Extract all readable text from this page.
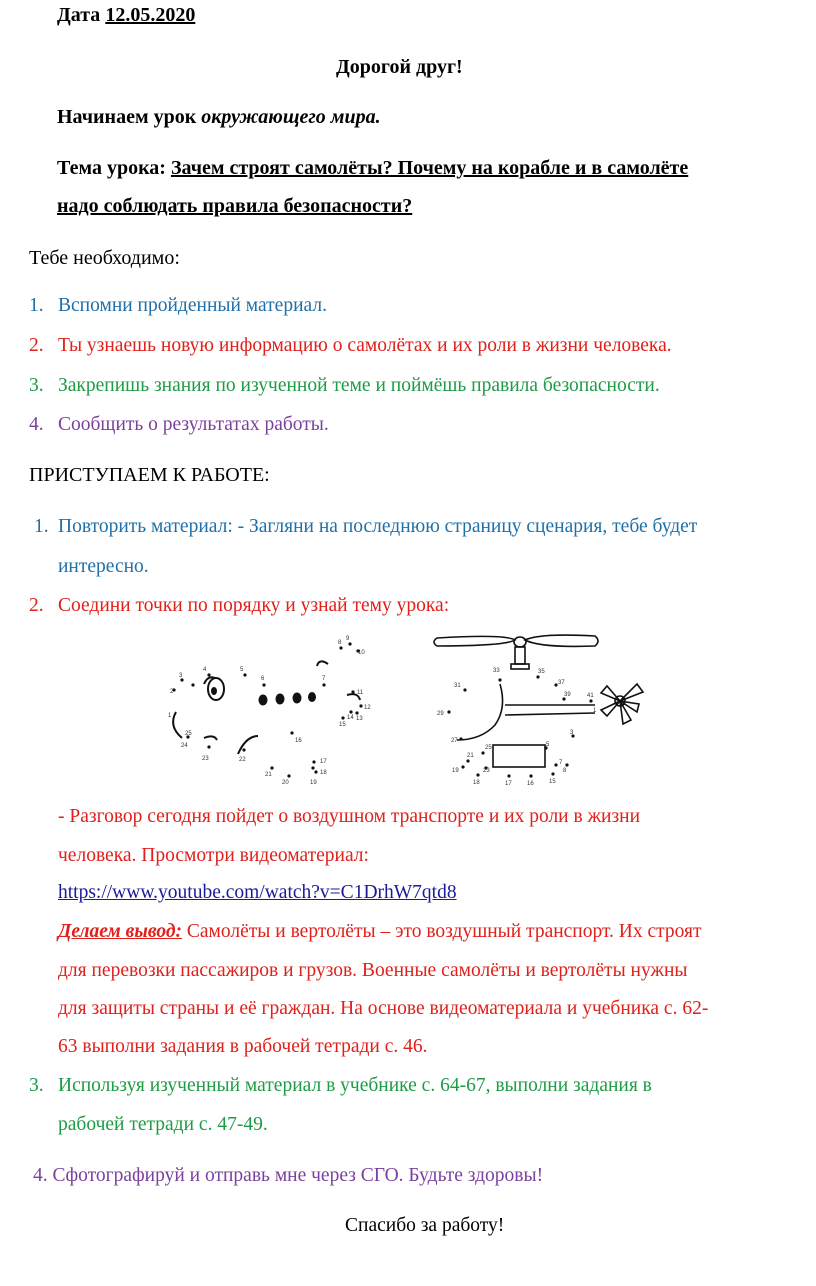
Дата 12.05.2020
Дорогой друг!
Начинаем урок окружающего мира.
Тема урока: Зачем строят самолёты? Почему на корабле и в самолёте
надо соблюдать правила безопасности?
Тебе необходимо:
1. Вспомни пройденный материал.
2. Ты узнаешь новую информацию о самолётах и их роли в жизни человека.
3. Закрепишь знания по изученной теме и поймёшь правила безопасности.
4. Сообщить о результатах работы.
ПРИСТУПАЕМ К РАБОТЕ:
1. Повторить материал: - Загляни на последнюю страницу сценария, тебе будет
интересно.
2. Соедини точки по порядку и узнай тему урока:
2
3
4	5
6	7
8
9
10
11
12
13
14
15
16
17
18
19
20
21
22
23
24
1
25
31
33	35
37
39	41
1
29
27
3
25	5
19
21
23
7
8
18	17	16	15
- Разговор сегодня пойдет о воздушном транспорте и их роли в жизни
человека. Просмотри видеоматериал:
https://www.youtube.com/watch?v=C1DrhW7qtd8
Делаем вывод: Самолёты и вертолёты – это воздушный транспорт. Их строят
для перевозки пассажиров и грузов. Военные самолёты и вертолёты нужны
для защиты страны и её граждан. На основе видеоматериала и учебника с. 62-
63 выполни задания в рабочей тетради с. 46.
3. Используя изученный материал в учебнике с. 64-67, выполни задания в
рабочей тетради с. 47-49.
4. Сфотографируй и отправь мне через СГО. Будьте здоровы!
Спасибо за работу!
